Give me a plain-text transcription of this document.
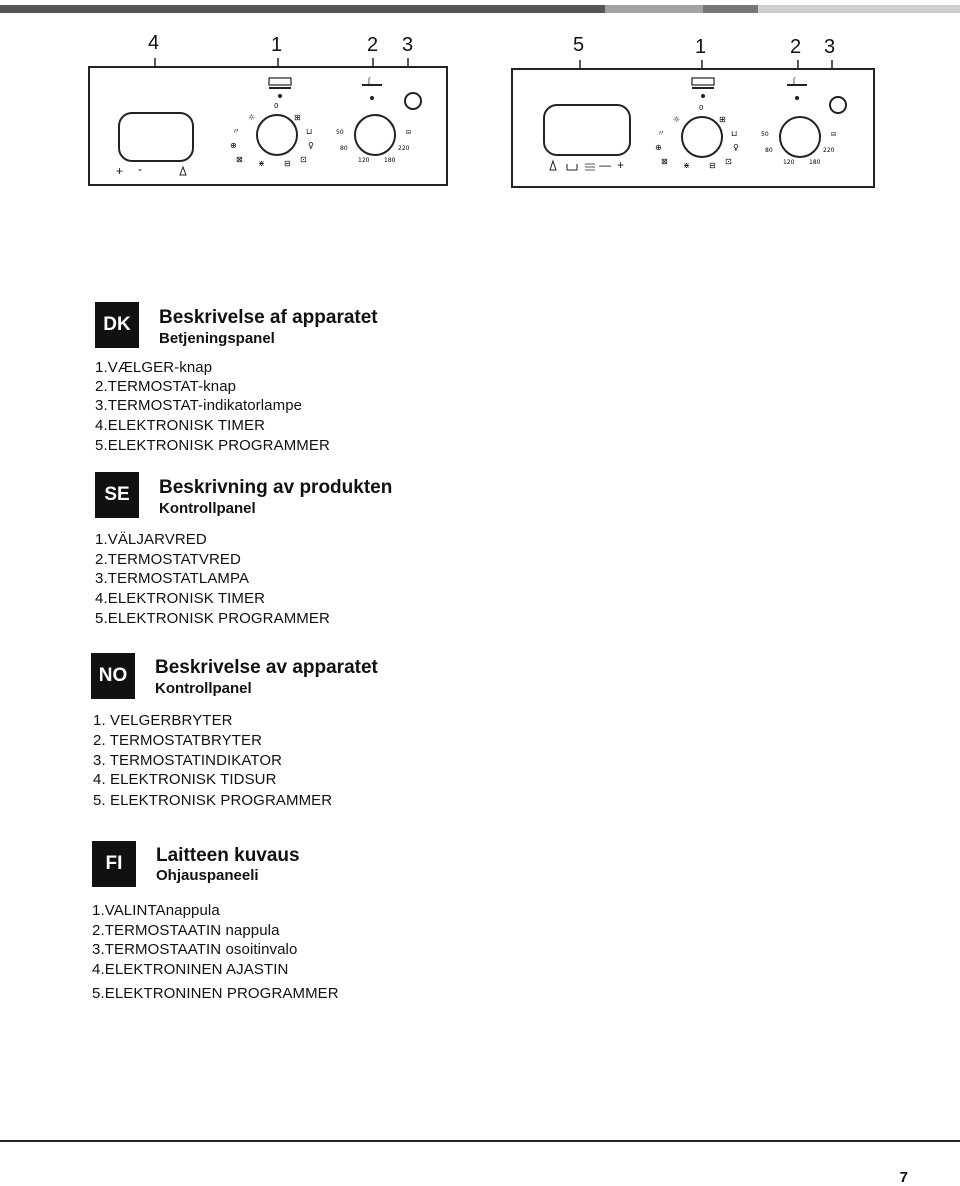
4	1	2 3
+ -
0
☼	⊞
〃	⊔
⊕	♀
⊠	⊡
⋇ ⊟
ʃ
50	⊟
80	220
120 180
5	1	2 3
— +
0
☼	⊞
〃	⊔
⊕	♀
⊠	⊡
⋇ ⊟
ʃ
50	⊟
80	220
120 180
DK	Beskrivelse af apparatet
Betjeningspanel
1.VÆLGER-knap
2.TERMOSTAT-knap
3.TERMOSTAT-indikatorlampe
4.ELEKTRONISK TIMER
5.ELEKTRONISK PROGRAMMER
SE	Beskrivning av produkten
Kontrollpanel
1.VÄLJARVRED
2.TERMOSTATVRED
3.TERMOSTATLAMPA
4.ELEKTRONISK TIMER
5.ELEKTRONISK PROGRAMMER
NO	Beskrivelse av apparatet
Kontrollpanel
1. VELGERBRYTER
2. TERMOSTATBRYTER
3. TERMOSTATINDIKATOR
4. ELEKTRONISK TIDSUR
5. ELEKTRONISK PROGRAMMER
FI	Laitteen kuvaus
Ohjauspaneeli
1.VALINTAnappula
2.TERMOSTAATIN nappula
3.TERMOSTAATIN osoitinvalo
4.ELEKTRONINEN AJASTIN
5.ELEKTRONINEN PROGRAMMER
7
